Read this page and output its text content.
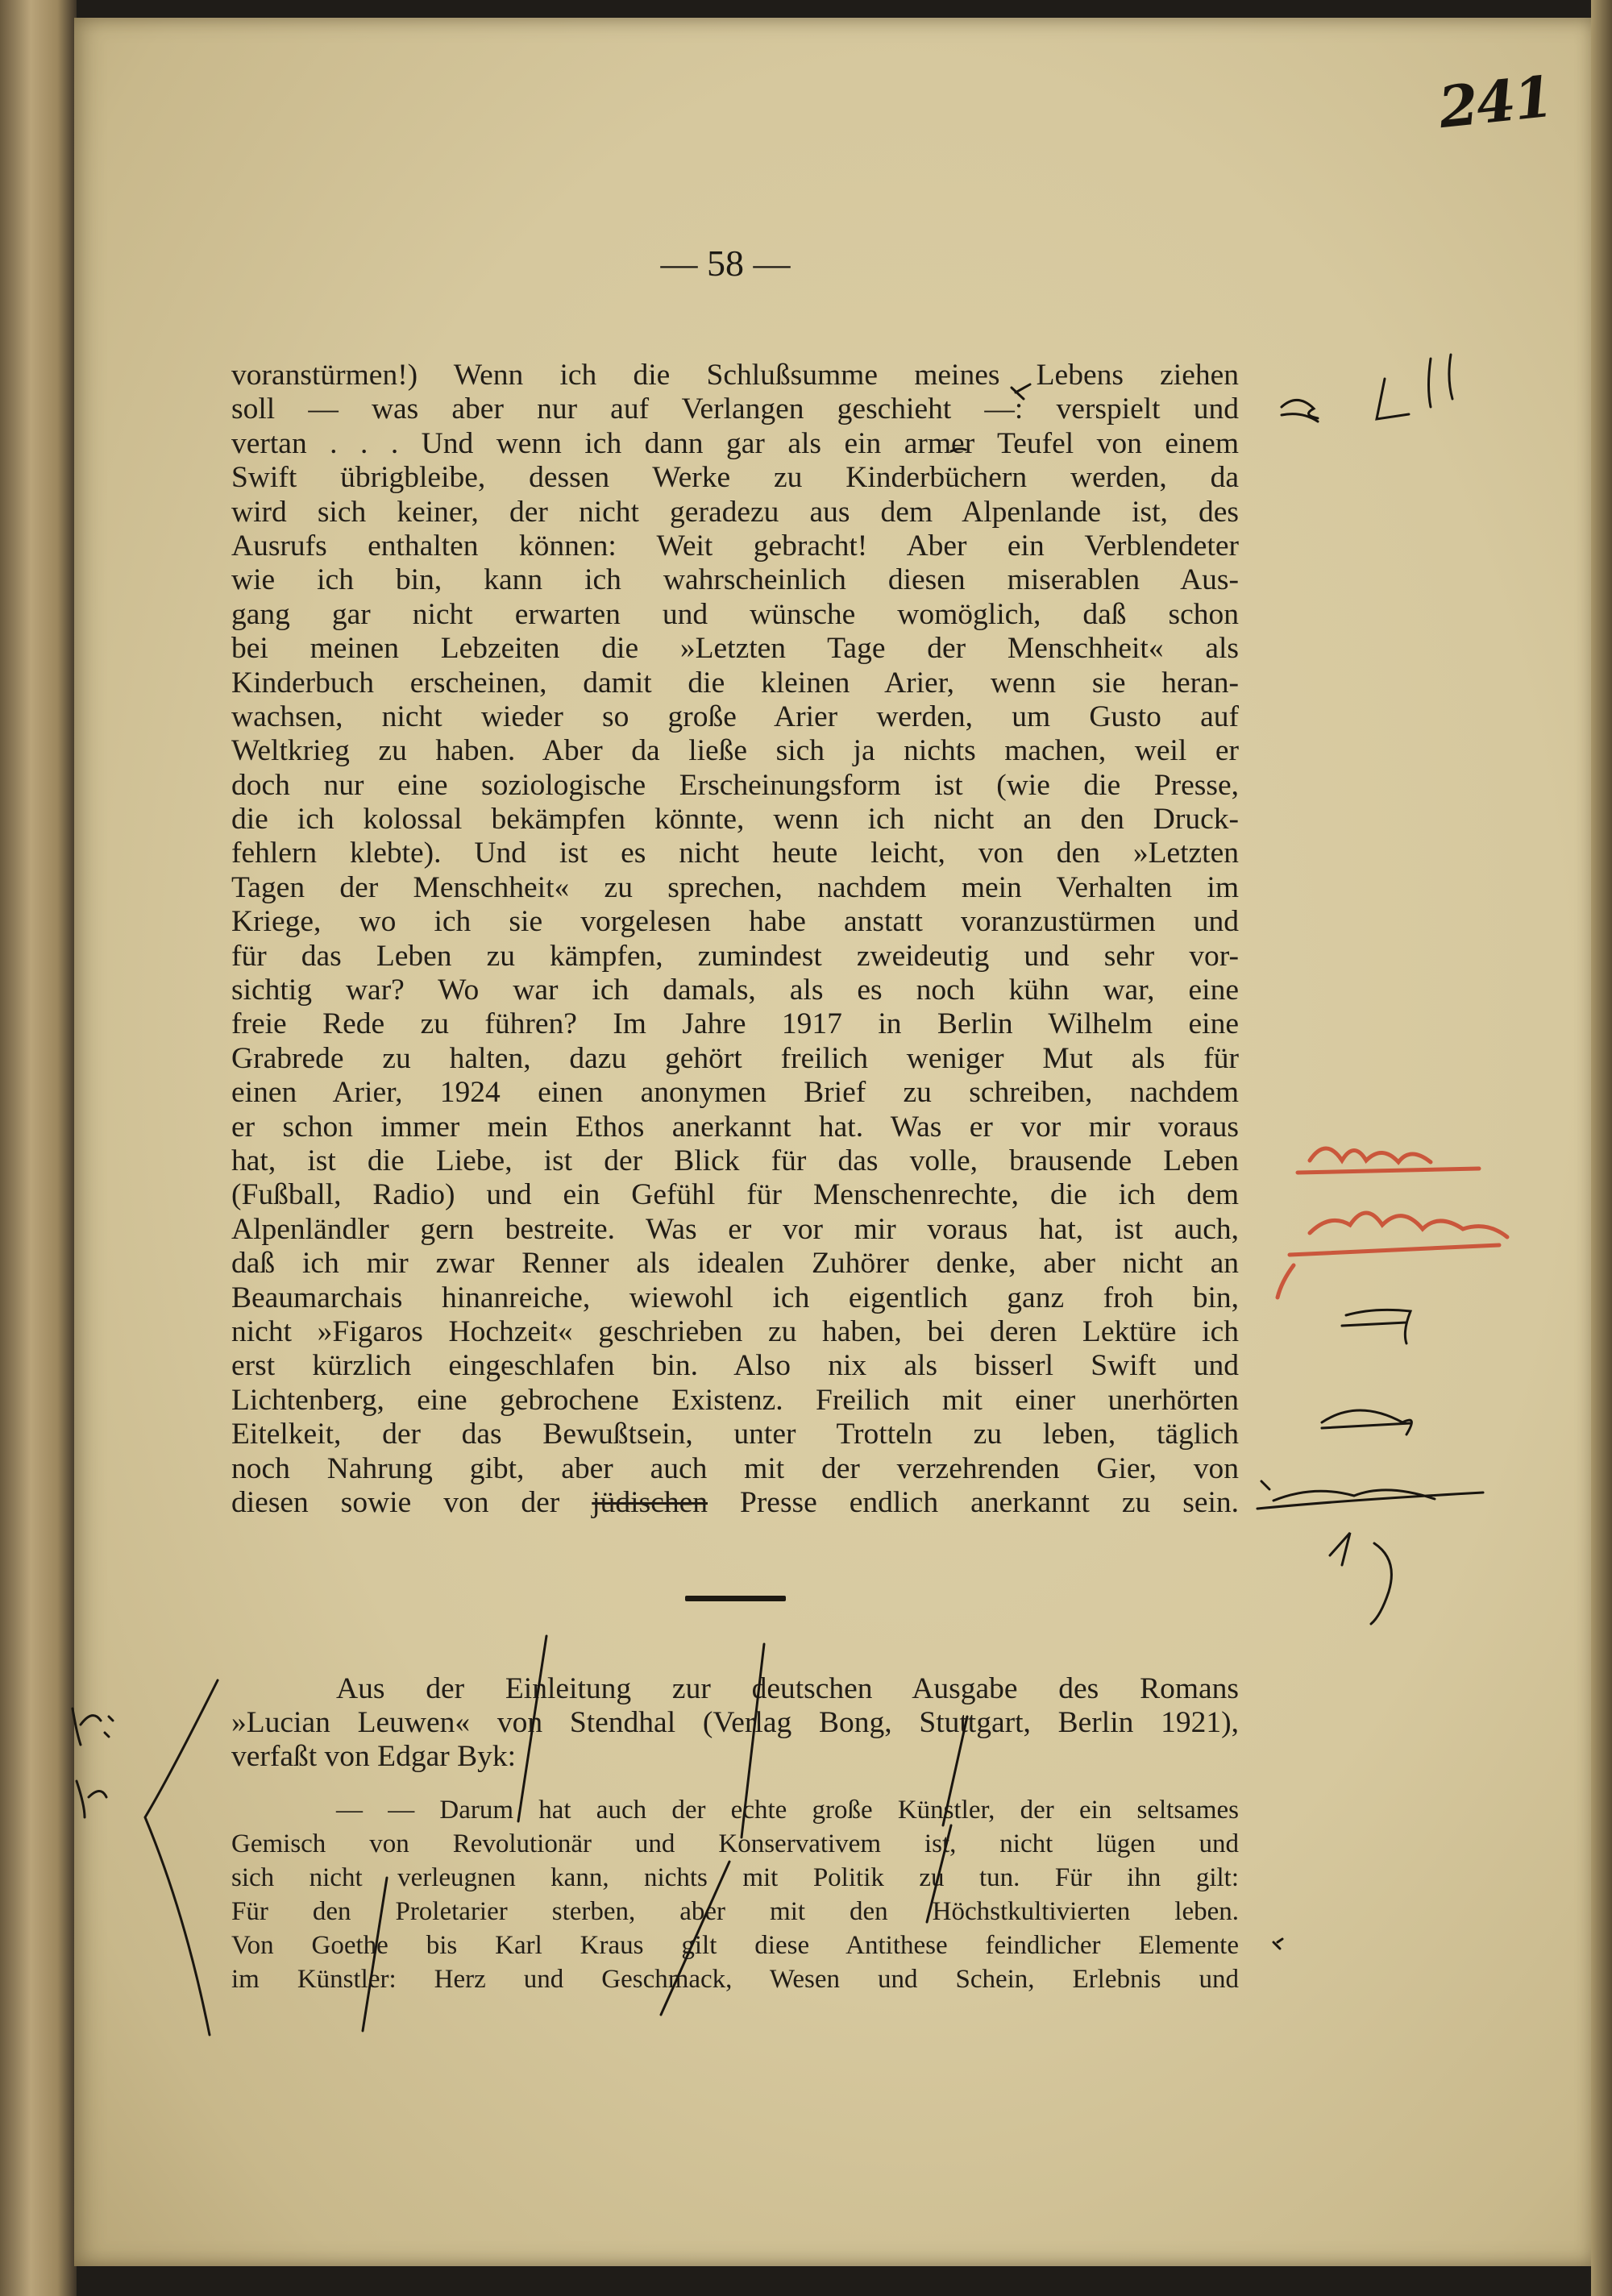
241
— 58 —
voranstürmen!) Wenn ich die Schlußsumme meines Lebens ziehen
soll — was aber nur auf Verlangen geschieht —: verspielt und
vertan . . . Und wenn ich dann gar als ein armer Teufel von einem
Swift übrigbleibe, dessen Werke zu Kinderbüchern werden, da
wird sich keiner, der nicht geradezu aus dem Alpenlande ist, des
Ausrufs enthalten können: Weit gebracht! Aber ein Verblendeter
wie ich bin, kann ich wahrscheinlich diesen miserablen Aus-
gang gar nicht erwarten und wünsche womöglich, daß schon
bei meinen Lebzeiten die »Letzten Tage der Menschheit« als
Kinderbuch erscheinen, damit die kleinen Arier, wenn sie heran-
wachsen, nicht wieder so große Arier werden, um Gusto auf
Weltkrieg zu haben. Aber da ließe sich ja nichts machen, weil er
doch nur eine soziologische Erscheinungsform ist (wie die Presse,
die ich kolossal bekämpfen könnte, wenn ich nicht an den Druck-
fehlern klebte). Und ist es nicht heute leicht, von den »Letzten
Tagen der Menschheit« zu sprechen, nachdem mein Verhalten im
Kriege, wo ich sie vorgelesen habe anstatt voranzustürmen und
für das Leben zu kämpfen, zumindest zweideutig und sehr vor-
sichtig war? Wo war ich damals, als es noch kühn war, eine
freie Rede zu führen? Im Jahre 1917 in Berlin Wilhelm eine
Grabrede zu halten, dazu gehört freilich weniger Mut als für
einen Arier, 1924 einen anonymen Brief zu schreiben, nachdem
er schon immer mein Ethos anerkannt hat. Was er vor mir voraus
hat, ist die Liebe, ist der Blick für das volle, brausende Leben
(Fußball, Radio) und ein Gefühl für Menschenrechte, die ich dem
Alpenländler gern bestreite. Was er vor mir voraus hat, ist auch,
daß ich mir zwar Renner als idealen Zuhörer denke, aber nicht an
Beaumarchais hinanreiche, wiewohl ich eigentlich ganz froh bin,
nicht »Figaros Hochzeit« geschrieben zu haben, bei deren Lektüre ich
erst kürzlich eingeschlafen bin. Also nix als bisserl Swift und
Lichtenberg, eine gebrochene Existenz. Freilich mit einer unerhörten
Eitelkeit, der das Bewußtsein, unter Trotteln zu leben, täglich
noch Nahrung gibt, aber auch mit der verzehrenden Gier, von
diesen sowie von der jüdischen Presse endlich anerkannt zu sein.
Aus der Einleitung zur deutschen Ausgabe des Romans
»Lucian Leuwen« von Stendhal (Verlag Bong, Stuttgart, Berlin 1921),
verfaßt von Edgar Byk:
— — Darum hat auch der echte große Künstler, der ein seltsames
Gemisch von Revolutionär und Konservativem ist, nicht lügen und
sich nicht verleugnen kann, nichts mit Politik zu tun. Für ihn gilt:
Für den Proletarier sterben, aber mit den Höchstkultivierten leben.
Von Goethe bis Karl Kraus gilt diese Antithese feindlicher Elemente
im Künstler: Herz und Geschmack, Wesen und Schein, Erlebnis und
